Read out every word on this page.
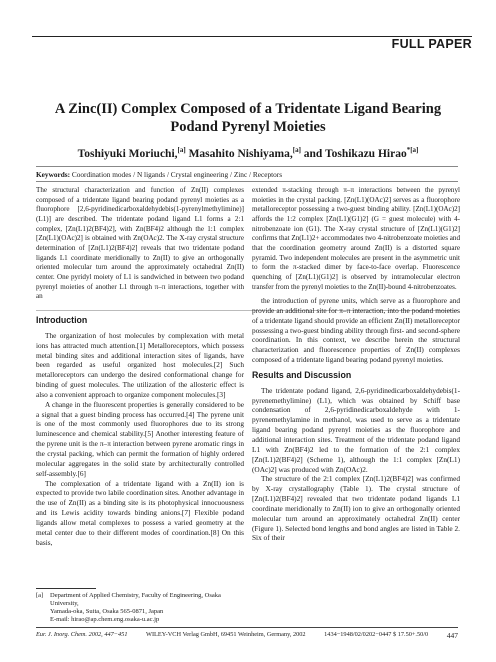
FULL PAPER
A Zinc(II) Complex Composed of a Tridentate Ligand Bearing Podand Pyrenyl Moieties
Toshiyuki Moriuchi,[a] Masahito Nishiyama,[a] and Toshikazu Hirao$^{*[a]}$
Keywords: Coordination modes / N ligands / Crystal engineering / Zinc / Receptors
The structural characterization and function of Zn(II) complexes composed of a tridentate ligand bearing podand pyrenyl moieties as a fluorophore [2,6-pyridinedicarboxaldehydebis(1-pyrenylmethylimine)] (L1)] are described. The tridentate podand ligand L1 forms a 2:1 complex, [Zn(L1)2(BF4)2], with Zn(BF4)2 although the 1:1 complex [Zn(L1)(OAc)2] is obtained with Zn(OAc)2. The X-ray crystal structure determination of [Zn(L1)2(BF4)2] reveals that two tridentate podand ligands L1 coordinate meridionally to Zn(II) to give an orthogonally oriented molecular turn around the approximately octahedral Zn(II) center. One pyridyl moiety of L1 is sandwiched in between two podand pyrenyl moieties of another L1 through π–π interactions, together with an
extended π-stacking through π–π interactions between the pyrenyl moieties in the crystal packing. [Zn(L1)(OAc)2] serves as a fluorophore metalloreceptor possessing a two-guest binding ability. [Zn(L1)(OAc)2] affords the 1:2 complex [Zn(L1)(G1)2] (G = guest molecule) with 4-nitrobenzoate ion (G1). The X-ray crystal structure of [Zn(L1)(G1)2] confirms that Zn(L1)2+ accommodates two 4-nitrobenzoate moieties and that the coordination geometry around Zn(II) is a distorted square pyramid. Two independent molecules are present in the asymmetric unit to form the π-stacked dimer by face-to-face overlap. Fluorescence quenching of [Zn(L1)(G1)2] is observed by intramolecular electron transfer from the pyrenyl moieties to the Zn(II)-bound 4-nitrobenzoates.
Introduction

The organization of host molecules by complexation with metal ions has attracted much attention.[1] Metalloreceptors, which possess metal binding sites and additional interaction sites of ligands, have been regarded as useful organized host molecules.[2] Such metalloreceptors can undergo the desired conformational change for binding of guest molecules. The utilization of the allosteric effect is also a convenient approach to organize component molecules.[3]

A change in the fluorescent properties is generally considered to be a signal that a guest binding process has occurred.[4] The pyrene unit is one of the most commonly used fluorophores due to its strong luminescence and chemical stability.[5] Another interesting feature of the pyrene unit is the π–π interaction between pyrene aromatic rings in the crystal packing, which can permit the formation of highly ordered molecular aggregates in the solid state by architecturally controlled self-assembly.[6]

The complexation of a tridentate ligand with a Zn(II) ion is expected to provide two labile coordination sites. Another advantage in the use of Zn(II) as a binding site is its photophysical innocuousness and its Lewis acidity towards binding anions.[7] Flexible podand ligands allow metal complexes to possess a varied geometry at the metal center due to their different modes of coordination.[8] On this basis,

the introduction of pyrene units, which serve as a fluorophore and provide an additional site for π–π interaction, into the podand moieties of a tridentate ligand should provide an efficient Zn(II) metalloreceptor possessing a two-guest binding ability through first- and second-sphere coordination. In this context, we describe herein the structural characterization and fluorescence properties of Zn(II) complexes composed of a tridentate ligand bearing podand pyrenyl moieties.

Results and Discussion

The tridentate podand ligand, 2,6-pyridinedicarboxaldehydebis(1-pyrenemethylimine) (L1), which was obtained by Schiff base condensation of 2,6-pyridinedicarboxaldehyde with 1-pyrenemethylamine in methanol, was used to serve as a tridentate ligand bearing podand pyrenyl moieties as the fluorophore and additional interaction sites. Treatment of the tridentate podand ligand L1 with Zn(BF4)2 led to the formation of the 2:1 complex [Zn(L1)2(BF4)2] (Scheme 1), although the 1:1 complex [Zn(L1)(OAc)2] was produced with Zn(OAc)2.

The structure of the 2:1 complex [Zn(L1)2(BF4)2] was confirmed by X-ray crystallography (Table 1). The crystal structure of [Zn(L1)2(BF4)2] revealed that two tridentate podand ligands L1 coordinate meridionally to Zn(II) ion to give an orthogonally oriented molecular turn around an approximately octahedral Zn(II) center (Figure 1). Selected bond lengths and bond angles are listed in Table 2. Six of their

[a] Department of Applied Chemistry, Faculty of Engineering, Osaka University,
Yamada-oka, Suita, Osaka 565-0871, Japan
E-mail: hirao@ap.chem.eng.osaka-u.ac.jp
Eur. J. Inorg. Chem. 2002, 447−451	WILEY-VCH Verlag GmbH, 69451 Weinheim, Germany, 2002	1434−1948/02/0202−0447 $ 17.50+.50/0 447
